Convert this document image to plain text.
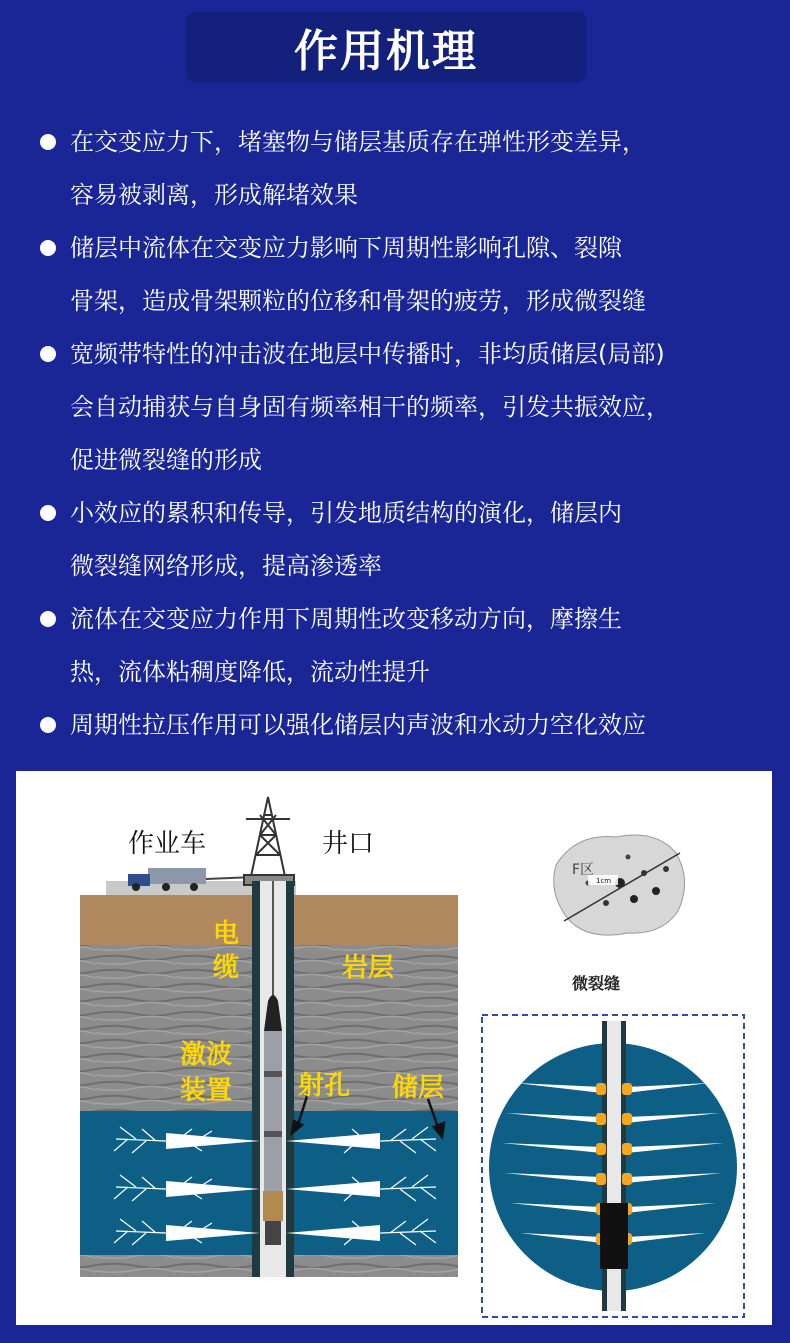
作用机理
在交变应力下，堵塞物与储层基质存在弹性形变差异，
容易被剥离，形成解堵效果
储层中流体在交变应力影响下周期性影响孔隙、裂隙
骨架，造成骨架颗粒的位移和骨架的疲劳，形成微裂缝
宽频带特性的冲击波在地层中传播时，非均质储层(局部)
会自动捕获与自身固有频率相干的频率，引发共振效应，
促进微裂缝的形成
小效应的累积和传导，引发地质结构的演化，储层内
微裂缝网络形成，提高渗透率
流体在交变应力作用下周期性改变移动方向，摩擦生
热，流体粘稠度降低，流动性提升
周期性拉压作用可以强化储层内声波和水动力空化效应
作业车	井口
电缆	岩层
激波装置	射孔 储层
微裂缝
F区
1cm
